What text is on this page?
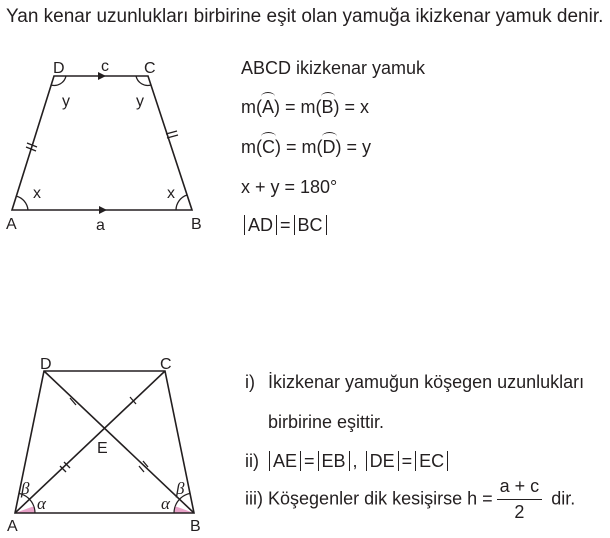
Yan kenar uzunlukları birbirine eşit olan yamuğa ikizkenar yamuk denir.
A	B
C
D c
a
x	x
y	y
A	B
C
D
E
β
α
β
α
ABCD ikizkenar yamuk
m(A) = m(B) = x
m(C) = m(D) = y
x + y = 180°
AD = BC
i) İkizkenar yamuğun köşegen uzunlukları
birbirine eşittir.
ii) AE = EB , DE = EC
iii) Köşegenler dik kesişirse $h = \frac{a + c}{2}$ dir.
